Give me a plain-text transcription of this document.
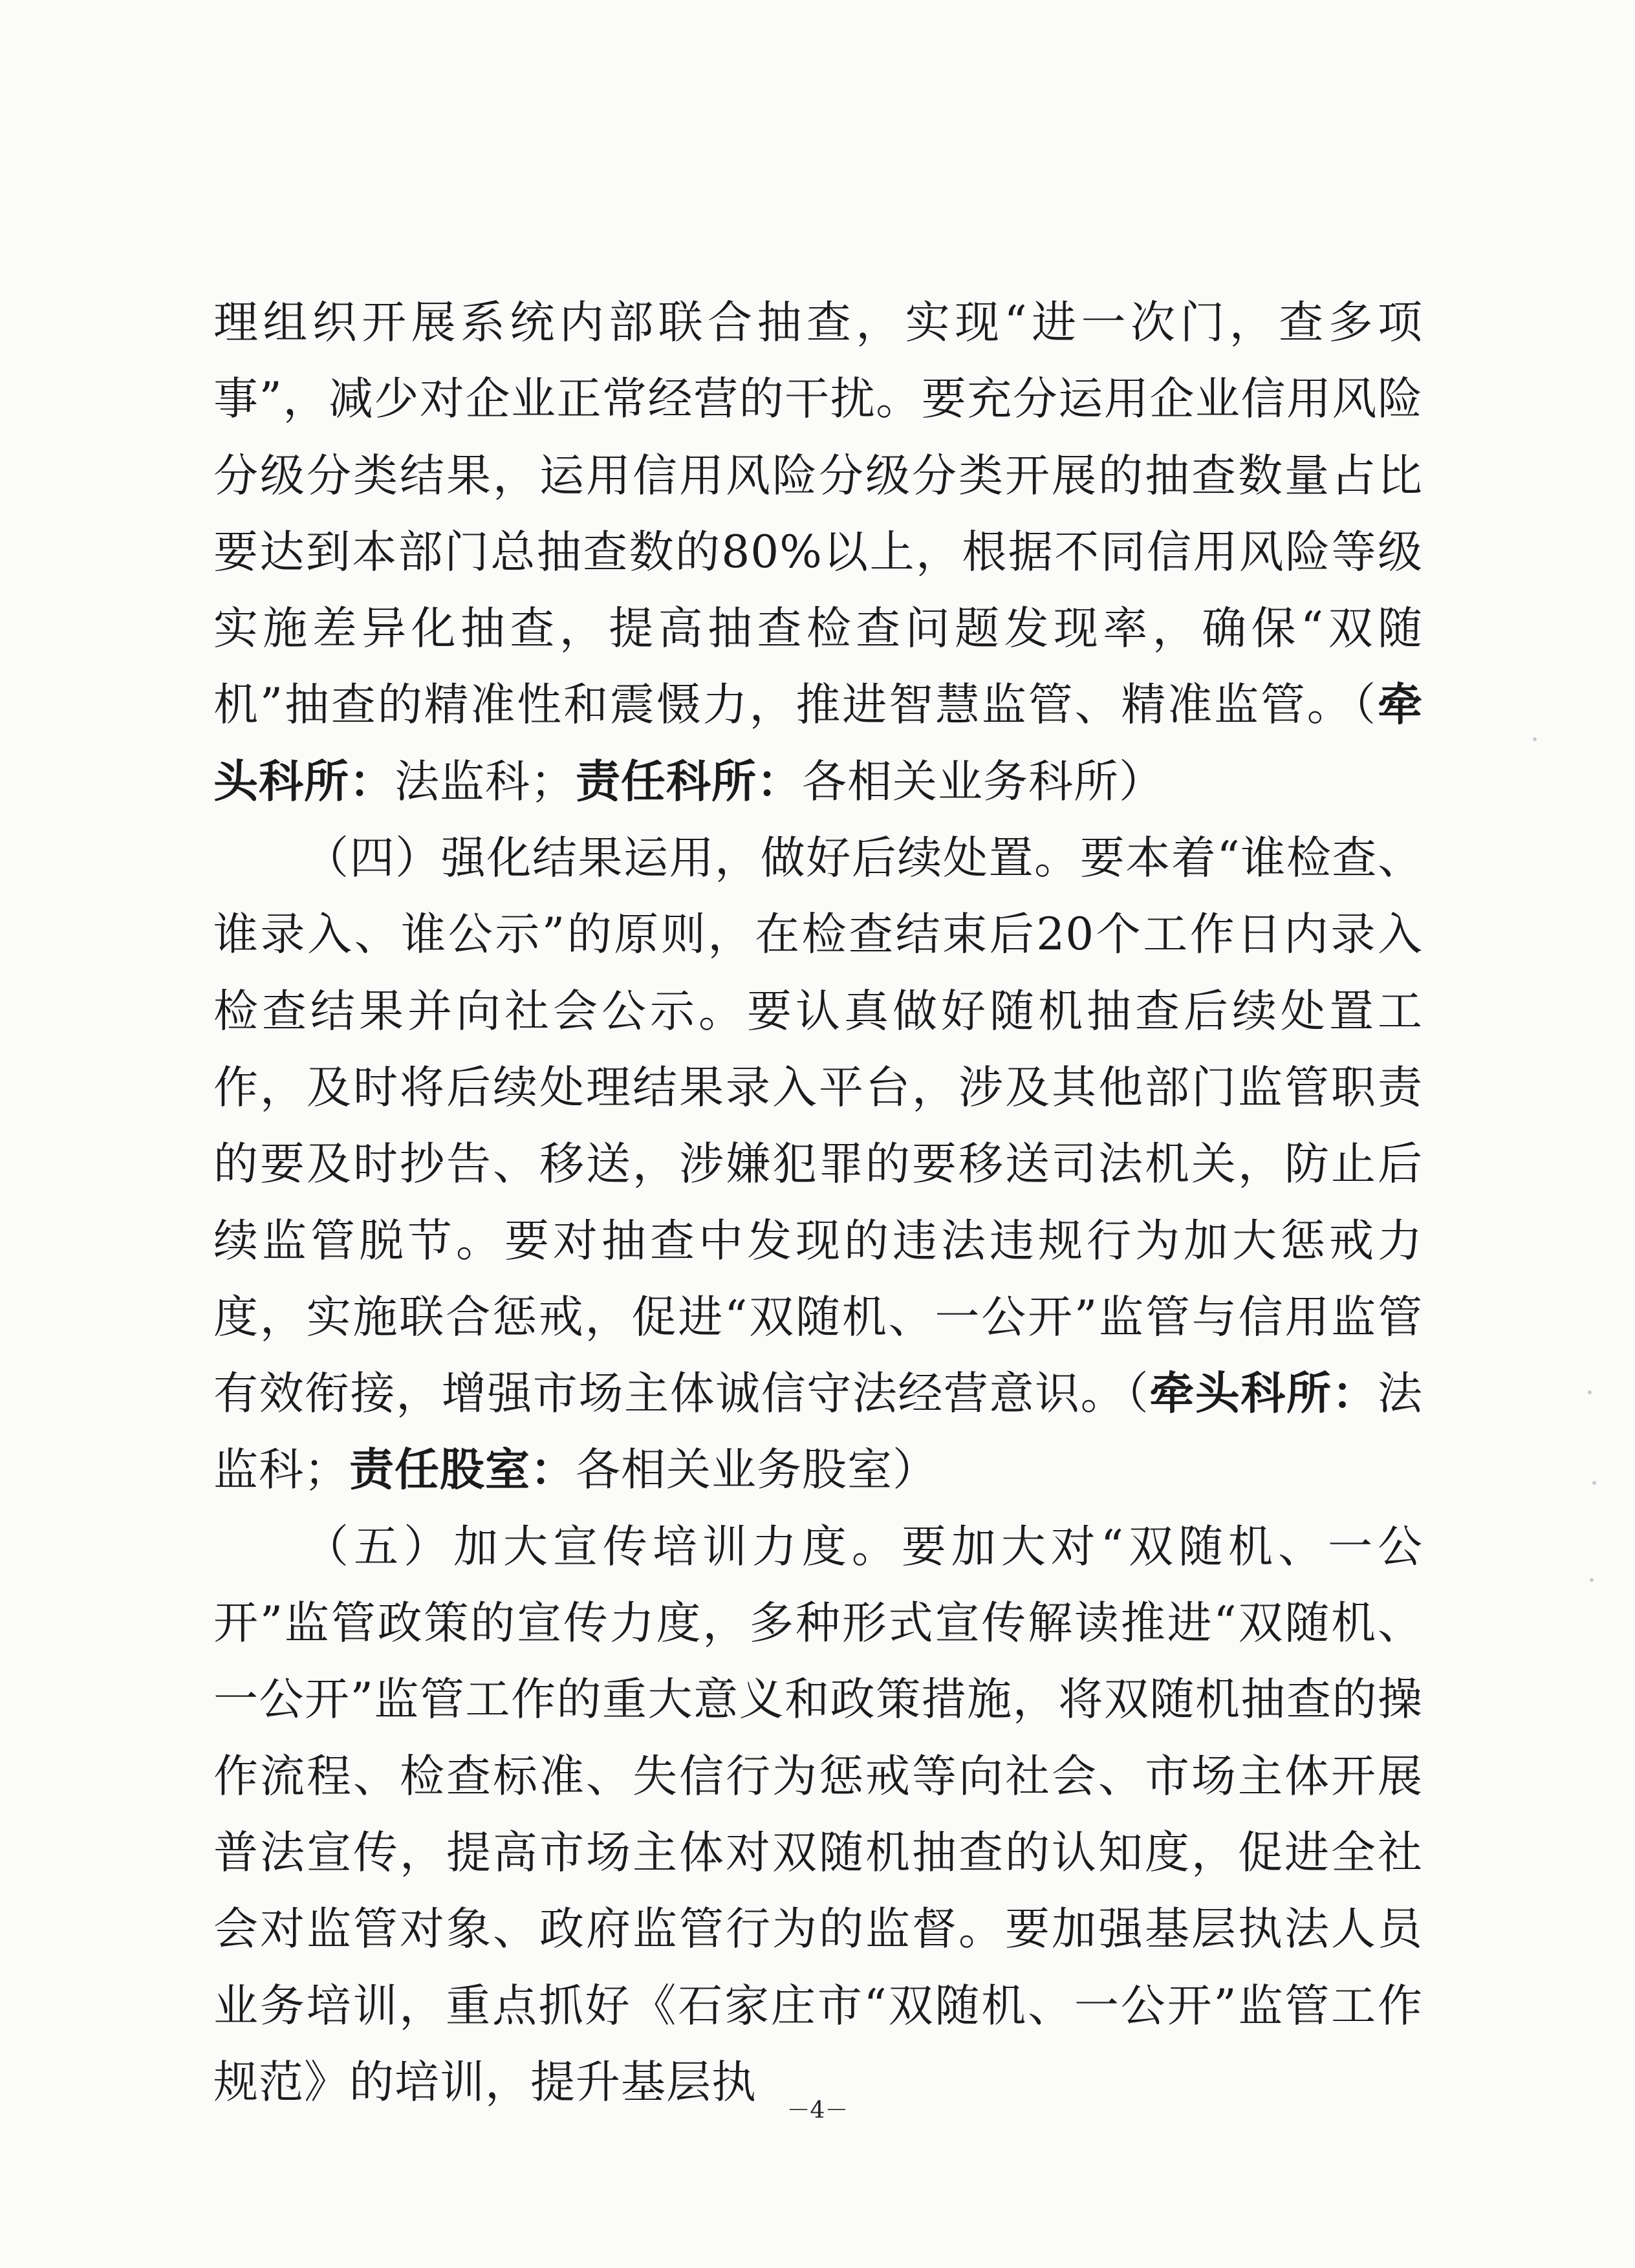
理组织开展系统内部联合抽查，实现“进一次门，查多项事”，减少对企业正常经营的干扰。要充分运用企业信用风险分级分类结果，运用信用风险分级分类开展的抽查数量占比要达到本部门总抽查数的80%以上，根据不同信用风险等级实施差异化抽查，提高抽查检查问题发现率，确保“双随机”抽查的精准性和震慑力，推进智慧监管、精准监管。（牵头科所：法监科；责任科所：各相关业务科所）

（四）强化结果运用，做好后续处置。要本着“谁检查、谁录入、谁公示”的原则，在检查结束后20个工作日内录入检查结果并向社会公示。要认真做好随机抽查后续处置工作，及时将后续处理结果录入平台，涉及其他部门监管职责的要及时抄告、移送，涉嫌犯罪的要移送司法机关，防止后续监管脱节。要对抽查中发现的违法违规行为加大惩戒力度，实施联合惩戒，促进“双随机、一公开”监管与信用监管有效衔接，增强市场主体诚信守法经营意识。（牵头科所：法监科；责任股室：各相关业务股室）

（五）加大宣传培训力度。要加大对“双随机、一公开”监管政策的宣传力度，多种形式宣传解读推进“双随机、一公开”监管工作的重大意义和政策措施，将双随机抽查的操作流程、检查标准、失信行为惩戒等向社会、市场主体开展普法宣传，提高市场主体对双随机抽查的认知度，促进全社会对监管对象、政府监管行为的监督。要加强基层执法人员业务培训，重点抓好《石家庄市“双随机、一公开”监管工作规范》的培训，提升基层执

－4－
